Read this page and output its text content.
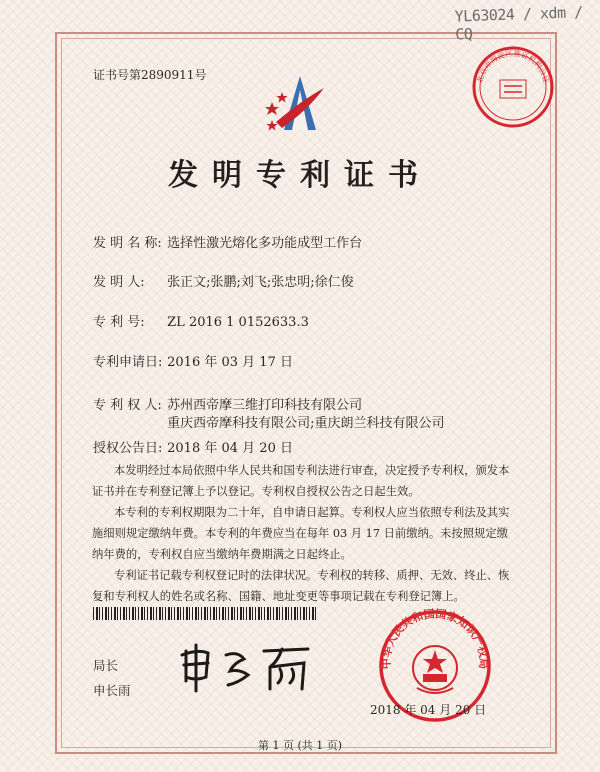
YL63024 / xdm / CQ
证书号第2890911号
发明专利证书
发 明 名 称: 选择性激光熔化多功能成型工作台
发 明 人: 张正文;张鹏;刘飞;张忠明;徐仁俊
专 利 号: ZL 2016 1 0152633.3
专利申请日: 2016 年 03 月 17 日
专 利 权 人: 苏州西帝摩三维打印科技有限公司
重庆西帝摩科技有限公司;重庆朗兰科技有限公司
授权公告日: 2018 年 04 月 20 日

本发明经过本局依照中华人民共和国专利法进行审查，决定授予专利权，颁发本证书并在专利登记簿上予以登记。专利权自授权公告之日起生效。

本专利的专利权期限为二十年，自申请日起算。专利权人应当依照专利法及其实施细则规定缴纳年费。本专利的年费应当在每年 03 月 17 日前缴纳。未按照规定缴纳年费的，专利权自应当缴纳年费期满之日起终止。

专利证书记载专利权登记时的法律状况。专利权的转移、质押、无效、终止、恢复和专利权人的姓名或名称、国籍、地址变更等事项记载在专利登记簿上。

局长
申长雨
北京市海淀区签证机构公证
中华人民共和国国家知识产权局
2018 年 04 月 20 日
第 1 页 (共 1 页)
